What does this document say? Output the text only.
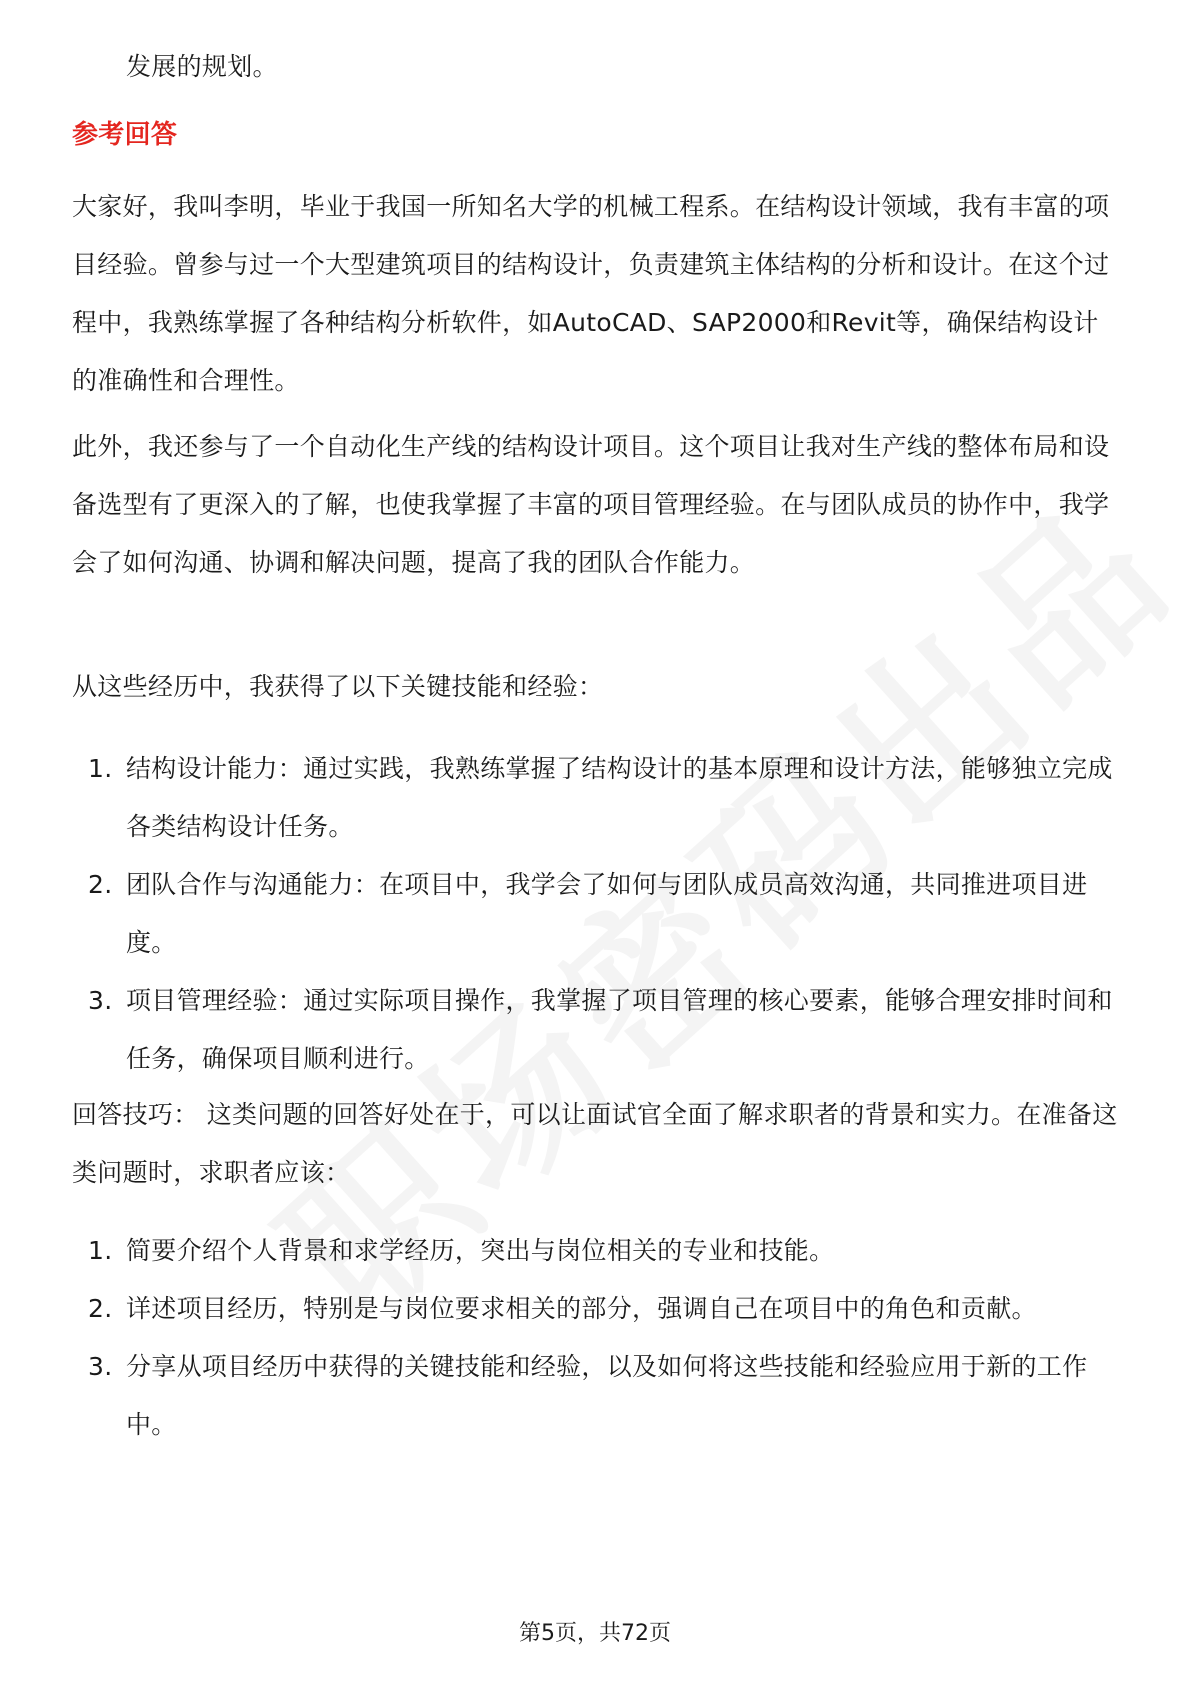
发展的规划。
参考回答
大家好，我叫李明，毕业于我国一所知名大学的机械工程系。在结构设计领域，我有丰富的项目经验。曾参与过一个大型建筑项目的结构设计，负责建筑主体结构的分析和设计。在这个过程中，我熟练掌握了各种结构分析软件，如AutoCAD、SAP2000和Revit等，确保结构设计的准确性和合理性。
此外，我还参与了一个自动化生产线的结构设计项目。这个项目让我对生产线的整体布局和设备选型有了更深入的了解，也使我掌握了丰富的项目管理经验。在与团队成员的协作中，我学会了如何沟通、协调和解决问题，提高了我的团队合作能力。
从这些经历中，我获得了以下关键技能和经验：
1. 结构设计能力：通过实践，我熟练掌握了结构设计的基本原理和设计方法，能够独立完成各类结构设计任务。
2. 团队合作与沟通能力：在项目中，我学会了如何与团队成员高效沟通，共同推进项目进度。
3. 项目管理经验：通过实际项目操作，我掌握了项目管理的核心要素，能够合理安排时间和任务，确保项目顺利进行。
回答技巧： 这类问题的回答好处在于，可以让面试官全面了解求职者的背景和实力。在准备这类问题时，求职者应该：
1. 简要介绍个人背景和求学经历，突出与岗位相关的专业和技能。
2. 详述项目经历，特别是与岗位要求相关的部分，强调自己在项目中的角色和贡献。
3. 分享从项目经历中获得的关键技能和经验，以及如何将这些技能和经验应用于新的工作中。
第5页，共72页
